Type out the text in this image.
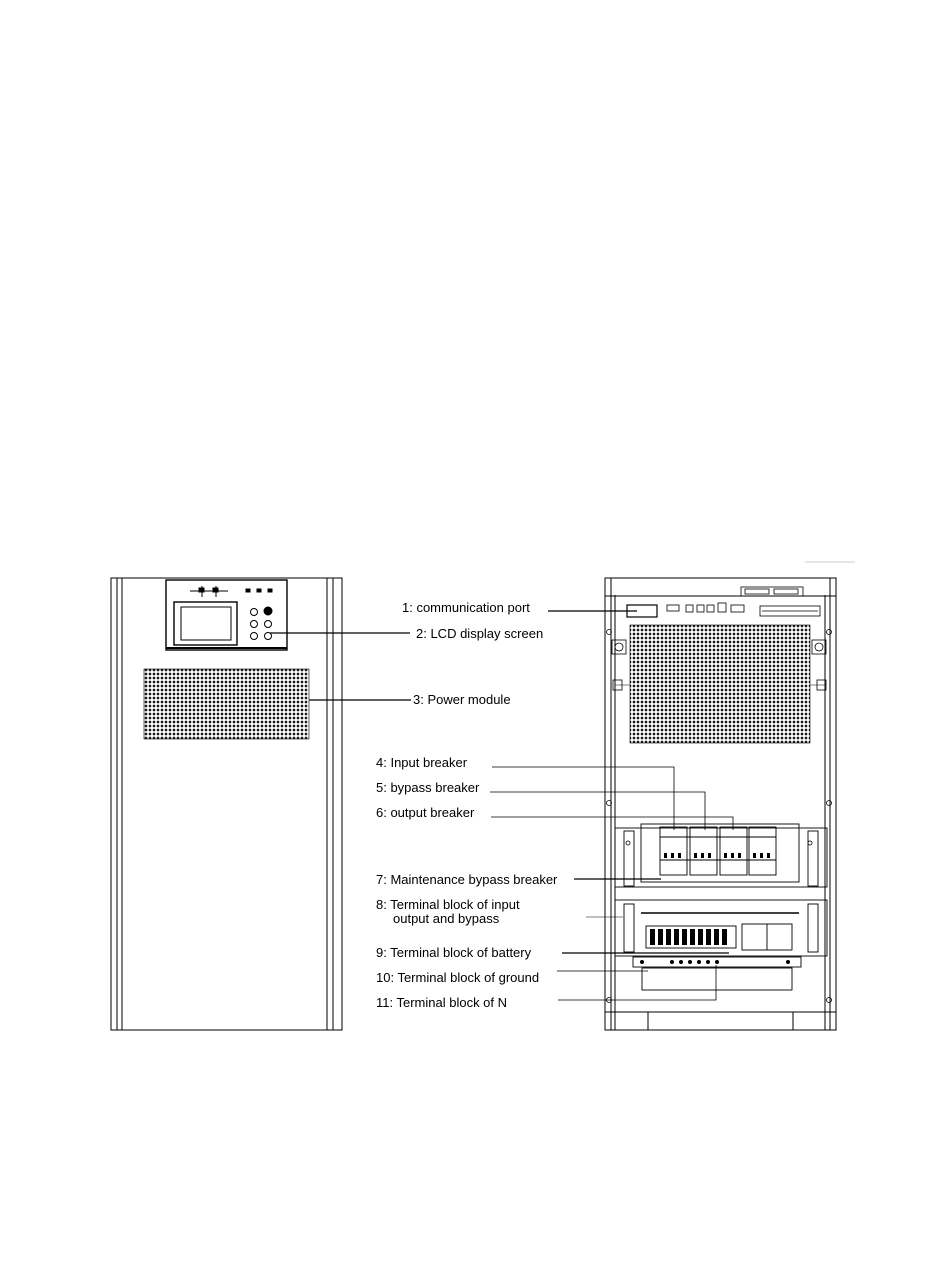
1: communication port
2: LCD display screen
3: Power module
4: Input breaker
5: bypass breaker
6: output breaker
7: Maintenance bypass breaker
8: Terminal block of input
output and bypass
9: Terminal block of battery
10: Terminal block of ground
11: Terminal block of N
